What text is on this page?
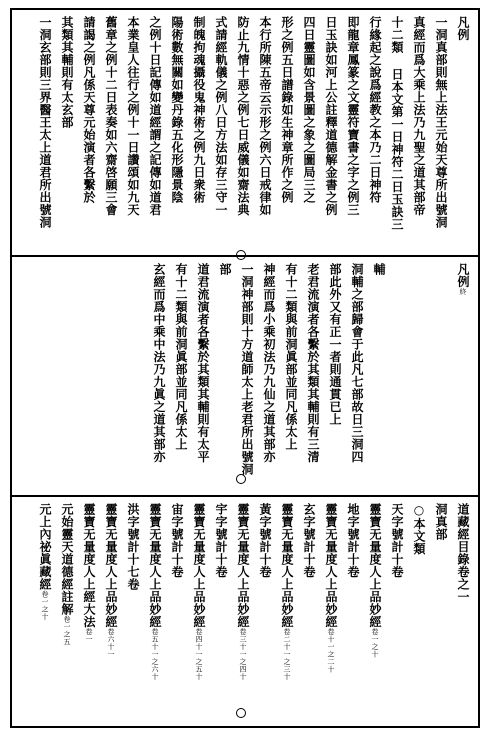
凡例
一洞真部則無上法王元始天尊所出號洞
真經而爲大乘上法乃九聖之道其部帝
十二類 日本文第一日神符二日玉訣三
行緣起之說爲經教之本乃二日神符
即龍章鳳篆之文靈符寶書之字之例三
日玉訣如河上公註釋道德解金書之例
四日靈圖如含景圖之象之圖局三之
形之例五日譜錄如生神章所作之例
本行所陳五帝云示形之例六日戒律如
防止九情十惡之例七日威儀如齋法典
式請經軌儀之例八日方法如存三守一
制魄拘魂攝役鬼神術之例九日衆術
陽術數無關如變丹錄五化形隱景陰
之例十日記傳如道經謂之記傳如道君
本業皇人往行之例十一日讚頌如九天
舊章之例十二日表奏如六齋啓願三會
請謁之例凡係天尊元始演者各繫於
其類其輔則有太玄部
一洞玄部則三界醫王太上道君所出號洞
凡例終
輔
洞輔之部歸會于此凡七部故日三洞四
部此外又有正一者則通貫已上
老君流演者各繫於其類其輔則有三清
有十二類與前洞眞部並同凡係太上
神經而爲小乘初法乃九仙之道其部亦
一洞神部則十方道師太上老君所出號洞
部
道君流演者各繫於其類其輔則有太平
有十二類與前洞眞部並同凡係太上
玄經而爲中乘中法乃九眞之道其部亦
道藏經目錄卷之一
洞真部
○本文類
天字號計十卷
靈寶无量度人上品妙經卷一之十
地字號計十卷
靈寶无量度人上品妙經卷十一之二十
玄字號計十卷
靈寶无量度人上品妙經卷二十一之三十
黃字號計十卷
靈寶无量度人上品妙經卷三十一之四十
宇字號計十卷
靈寶无量度人上品妙經卷四十一之五十
宙字號計十卷
靈寶无量度人上品妙經卷五十一之六十
洪字號計十七卷
靈寶无量度人上品妙經卷六十一
靈寶无量度人上經大法卷一
元始靈天道德經註解卷一之五
元上內祕眞藏經卷一之十
